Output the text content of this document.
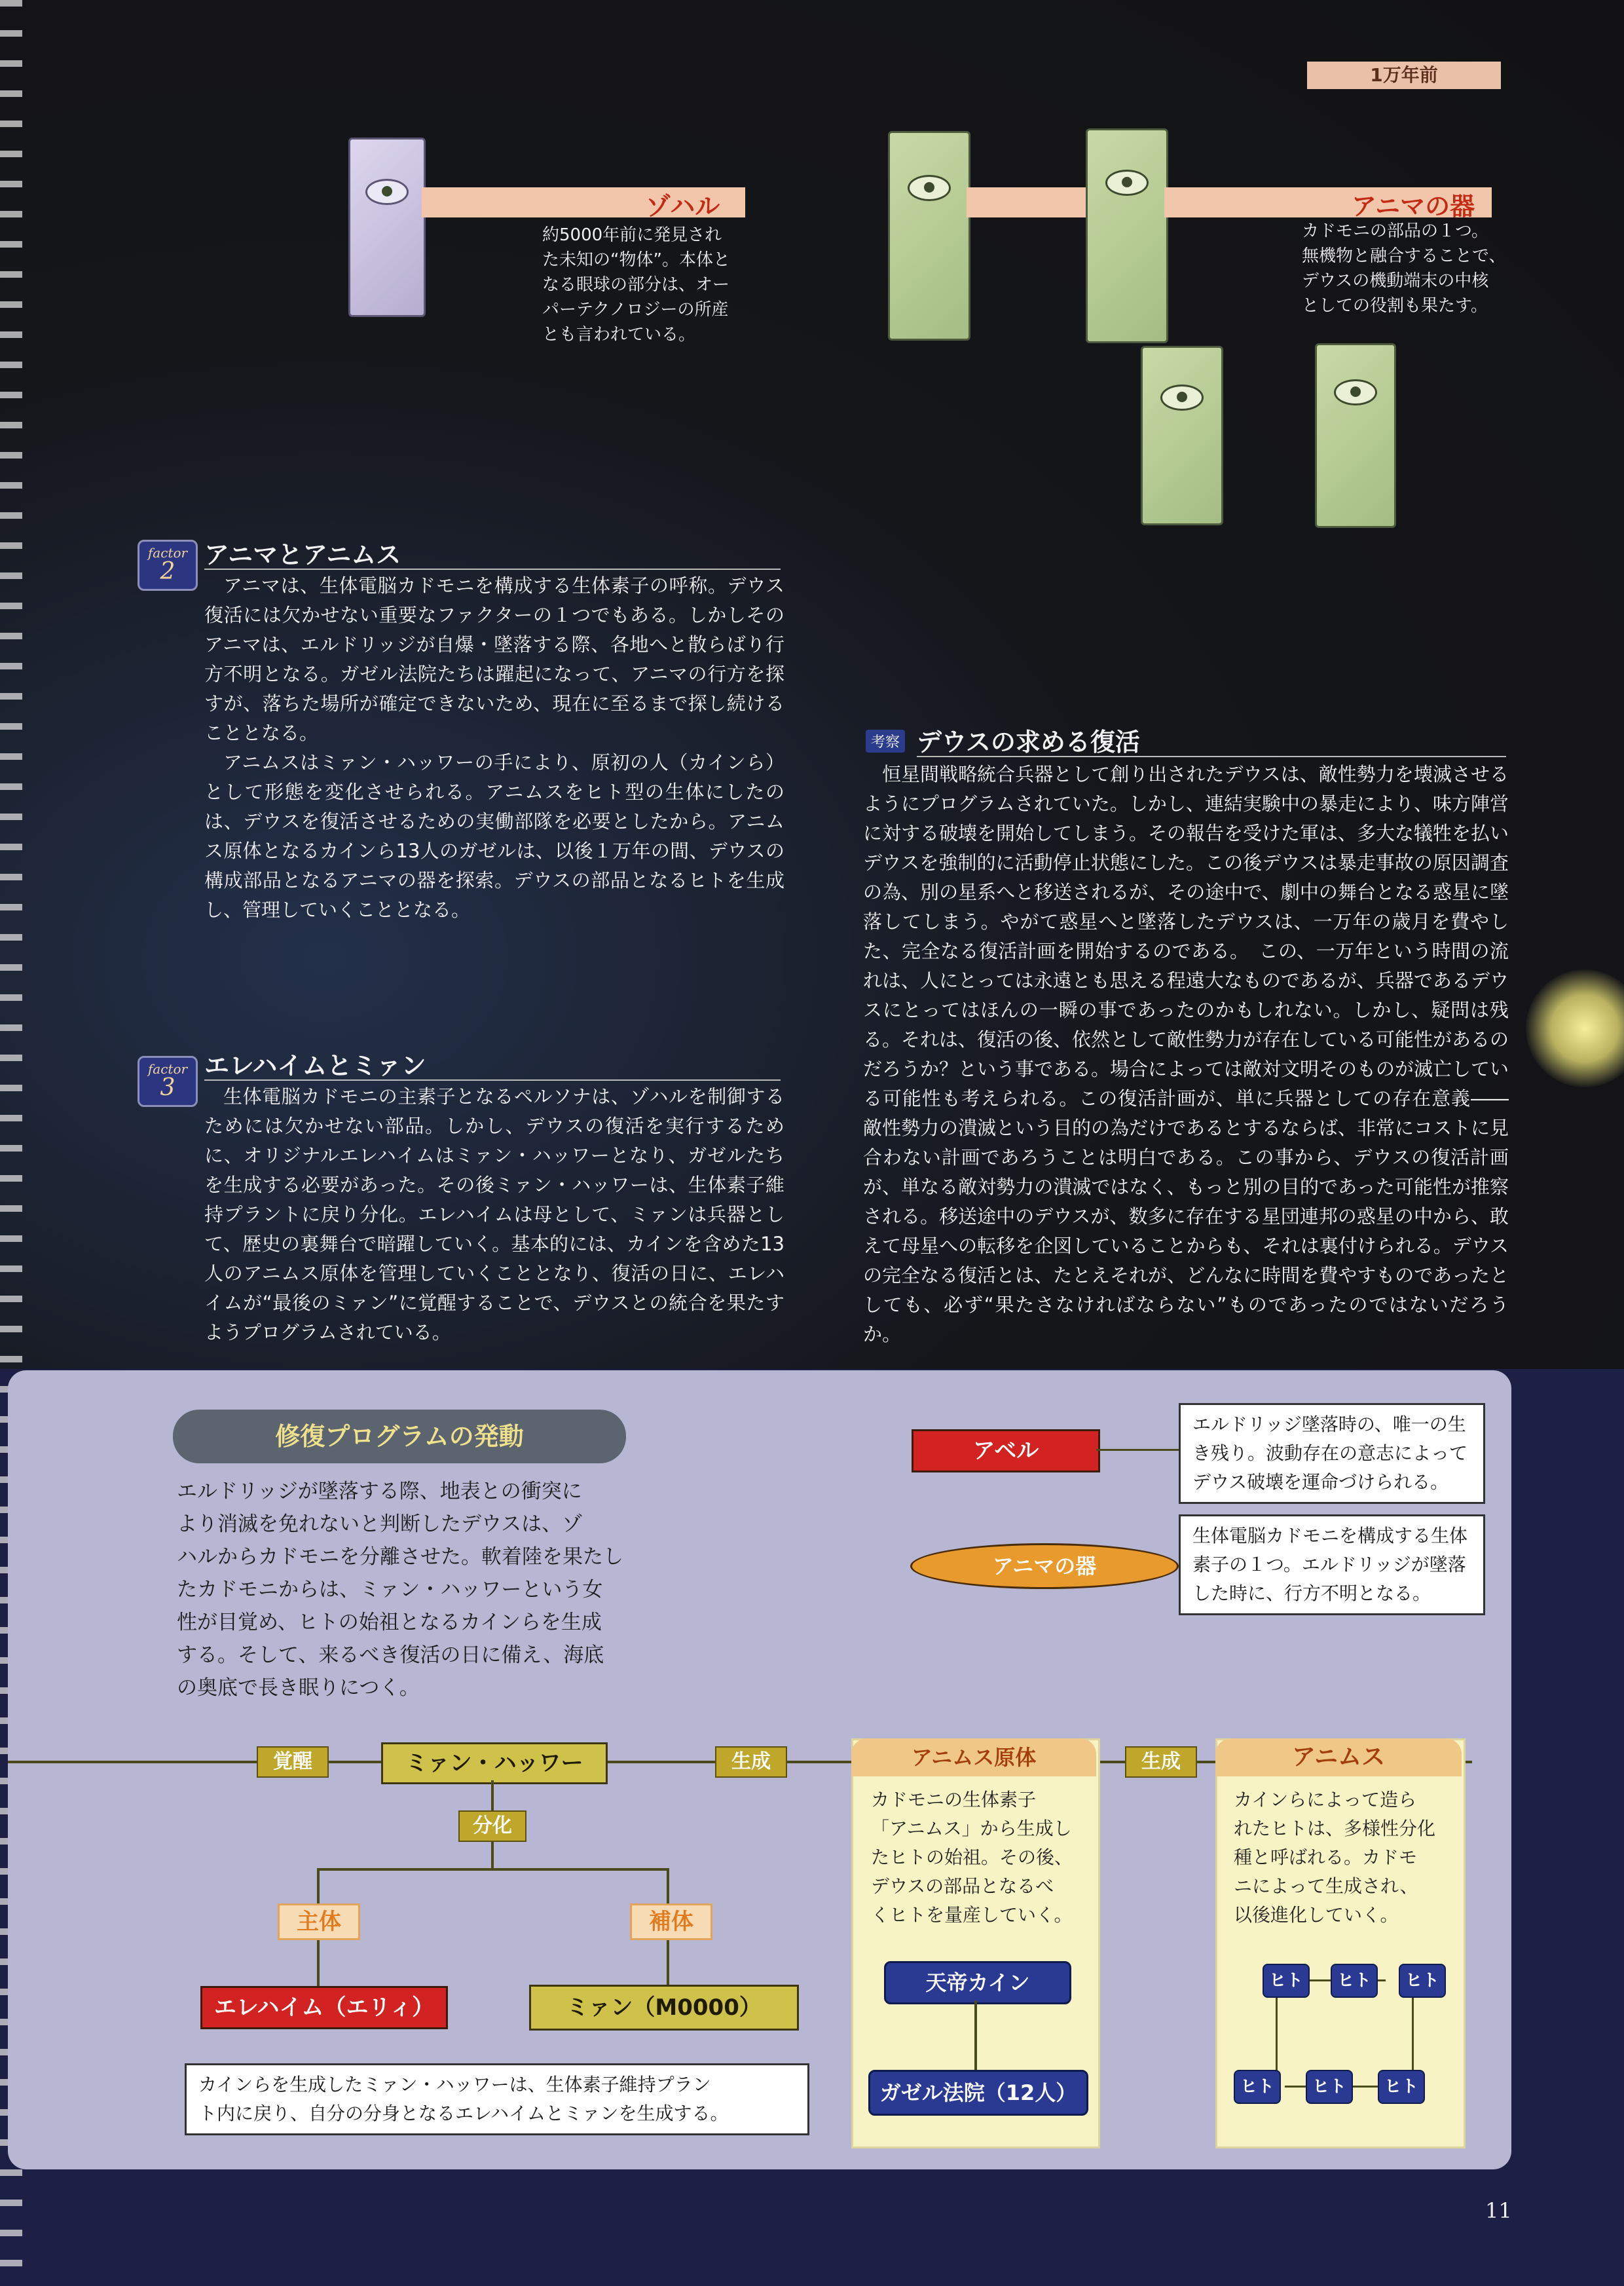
1万年前
ゾハル
約5000年前に発見され
た未知の“物体”。本体と
なる眼球の部分は、オー
パーテクノロジーの所産
とも言われている。
アニマの器
カドモニの部品の１つ。
無機物と融合することで、
デウスの機動端末の中核
としての役割も果たす。
factor
2
アニマとアニムス

アニマは、生体電脳カドモニを構成する生体素子の呼称。デウス復活には欠かせない重要なファクターの１つでもある。しかしそのアニマは、エルドリッジが自爆・墜落する際、各地へと散らばり行方不明となる。ガゼル法院たちは躍起になって、アニマの行方を探すが、落ちた場所が確定できないため、現在に至るまで探し続けることとなる。

アニムスはミァン・ハッワーの手により、原初の人（カインら）として形態を変化させられる。アニムスをヒト型の生体にしたのは、デウスを復活させるための実働部隊を必要としたから。アニムス原体となるカインら13人のガゼルは、以後１万年の間、デウスの構成部品となるアニマの器を探索。デウスの部品となるヒトを生成し、管理していくこととなる。

factor
3
エレハイムとミァン

生体電脳カドモニの主素子となるペルソナは、ゾハルを制御するためには欠かせない部品。しかし、デウスの復活を実行するために、オリジナルエレハイムはミァン・ハッワーとなり、ガゼルたちを生成する必要があった。その後ミァン・ハッワーは、生体素子維持プラントに戻り分化。エレハイムは母として、ミァンは兵器として、歴史の裏舞台で暗躍していく。基本的には、カインを含めた13人のアニムス原体を管理していくこととなり、復活の日に、エレハイムが“最後のミァン”に覚醒することで、デウスとの統合を果たすようプログラムされている。

考察 デウスの求める復活

恒星間戦略統合兵器として創り出されたデウスは、敵性勢力を壊滅させるようにプログラムされていた。しかし、連結実験中の暴走により、味方陣営に対する破壊を開始してしまう。その報告を受けた軍は、多大な犠牲を払いデウスを強制的に活動停止状態にした。この後デウスは暴走事故の原因調査の為、別の星系へと移送されるが、その途中で、劇中の舞台となる惑星に墜落してしまう。やがて惑星へと墜落したデウスは、一万年の歳月を費やした、完全なる復活計画を開始するのである。　この、一万年という時間の流れは、人にとっては永遠とも思える程遠大なものであるが、兵器であるデウスにとってはほんの一瞬の事であったのかもしれない。しかし、疑問は残る。それは、復活の後、依然として敵性勢力が存在している可能性があるのだろうか？という事である。場合によっては敵対文明そのものが滅亡している可能性も考えられる。この復活計画が、単に兵器としての存在意義―― 敵性勢力の潰滅という目的の為だけであるとするならば、非常にコストに見合わない計画であろうことは明白である。この事から、デウスの復活計画が、単なる敵対勢力の潰滅ではなく、もっと別の目的であった可能性が推察される。移送途中のデウスが、数多に存在する星団連邦の惑星の中から、敢えて母星への転移を企図していることからも、それは裏付けられる。デウスの完全なる復活とは、たとえそれが、どんなに時間を費やすものであったとしても、必ず“果たさなければならない”ものであったのではないだろうか。

修復プログラムの発動
エルドリッジが墜落する際、地表との衝突に
より消滅を免れないと判断したデウスは、ゾ
ハルからカドモニを分離させた。軟着陸を果たし
たカドモニからは、ミァン・ハッワーという女
性が目覚め、ヒトの始祖となるカインらを生成
する。そして、来るべき復活の日に備え、海底
の奥底で長き眠りにつく。
アベル
エルドリッジ墜落時の、唯一の生
き残り。波動存在の意志によって
デウス破壊を運命づけられる。
アニマの器
生体電脳カドモニを構成する生体
素子の１つ。エルドリッジが墜落
した時に、行方不明となる。
覚醒	ミァン・ハッワー	生成	生成
分化
主体	補体
エレハイム（エリィ）	ミァン（M0000）
カインらを生成したミァン・ハッワーは、生体素子維持プラン
ト内に戻り、自分の分身となるエレハイムとミァンを生成する。
アニムス原体
カドモニの生体素子
「アニムス」から生成し
たヒトの始祖。その後、
デウスの部品となるべ
くヒトを量産していく。
天帝カイン
ガゼル法院（12人）
アニムス
カインらによって造ら
れたヒトは、多様性分化
種と呼ばれる。カドモ
ニによって生成され、
以後進化していく。
ヒト	ヒト	ヒト
ヒト	ヒト	ヒト
11
